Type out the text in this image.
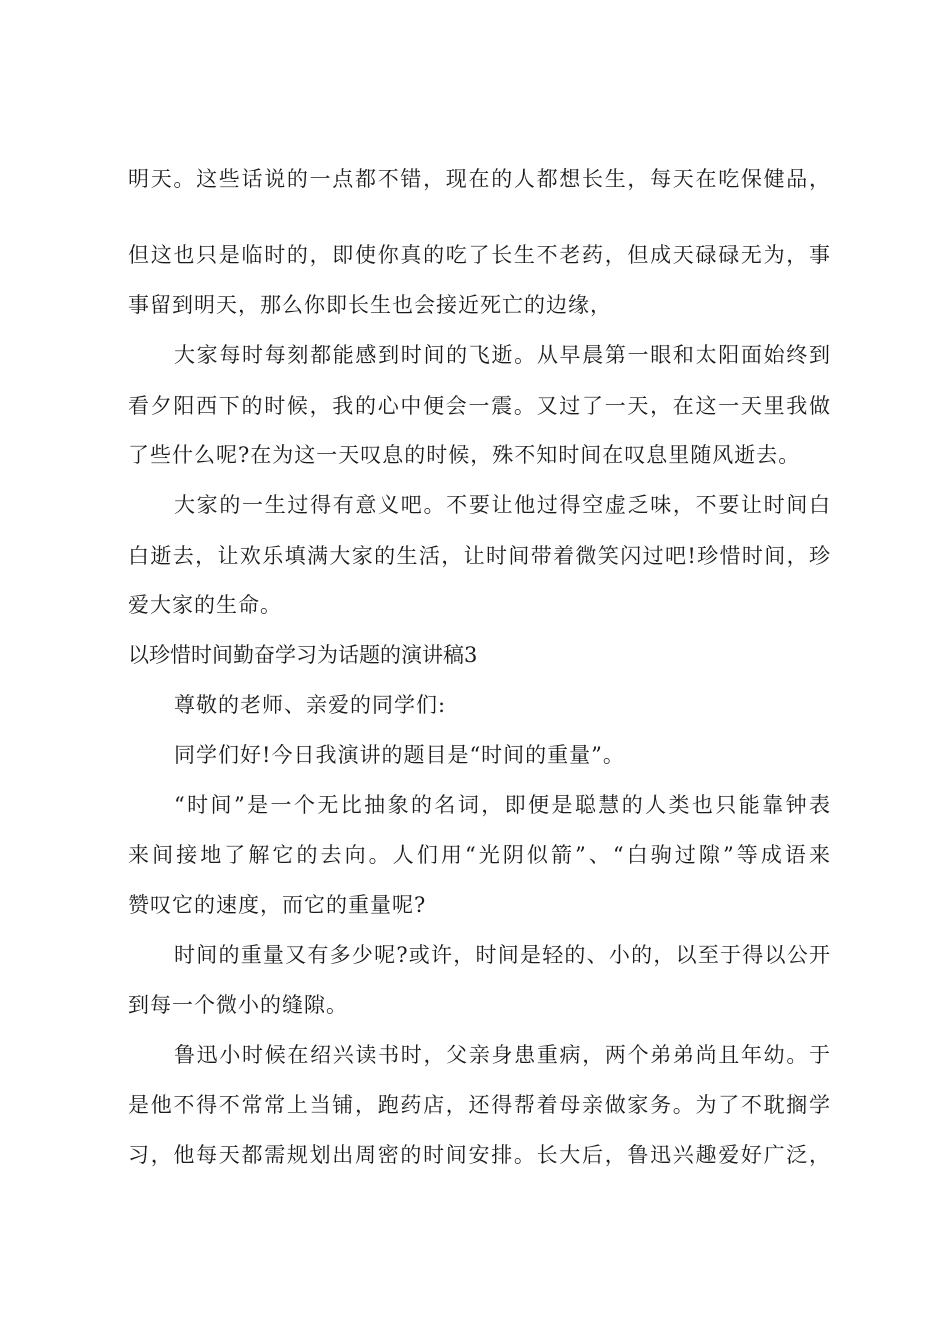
明天。这些话说的一点都不错，现在的人都想长生，每天在吃保健品，
但这也只是临时的，即使你真的吃了长生不老药，但成天碌碌无为，事
事留到明天，那么你即长生也会接近死亡的边缘，
大家每时每刻都能感到时间的飞逝。从早晨第一眼和太阳面始终到
看夕阳西下的时候，我的心中便会一震。又过了一天，在这一天里我做
了些什么呢?在为这一天叹息的时候，殊不知时间在叹息里随风逝去。
大家的一生过得有意义吧。不要让他过得空虚乏味，不要让时间白
白逝去，让欢乐填满大家的生活，让时间带着微笑闪过吧!珍惜时间，珍
爱大家的生命。
以珍惜时间勤奋学习为话题的演讲稿3
尊敬的老师、亲爱的同学们:
同学们好!今日我演讲的题目是“时间的重量”。
“时间”是一个无比抽象的名词，即便是聪慧的人类也只能靠钟表
来间接地了解它的去向。人们用“光阴似箭”、“白驹过隙”等成语来
赞叹它的速度，而它的重量呢?
时间的重量又有多少呢?或许，时间是轻的、小的，以至于得以公开
到每一个微小的缝隙。
鲁迅小时候在绍兴读书时，父亲身患重病，两个弟弟尚且年幼。于
是他不得不常常上当铺，跑药店，还得帮着母亲做家务。为了不耽搁学
习，他每天都需规划出周密的时间安排。长大后，鲁迅兴趣爱好广泛，
